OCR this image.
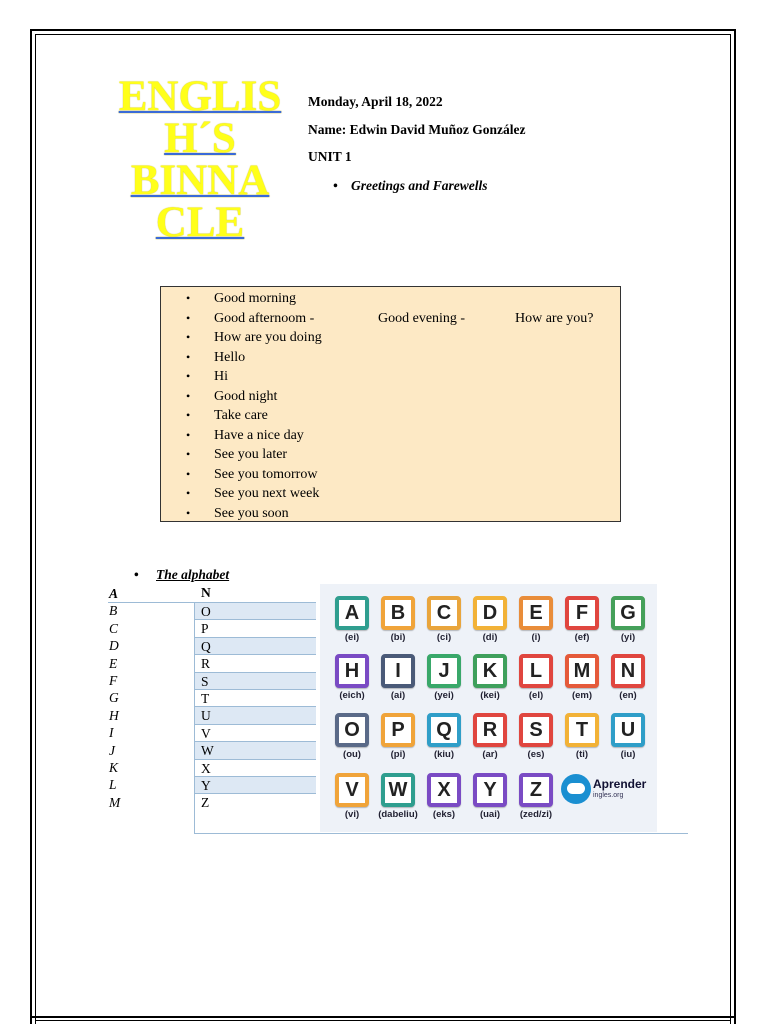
ENGLIS
H´S
BINNA
CLE
Monday, April 18, 2022
Name: Edwin David Muñoz González
UNIT 1
• Greetings and Farewells
Good morning
Good afternoom -	Good evening -	How are you?
How are you doing
Hello
Hi
Good night
Take care
Have a nice day
See you later
See you tomorrow
See you next week
See you soon
• The alphabet
A
B
C
D
E
F
G
H
I
J
K
L
M
N
O
P
Q
R
S
T
U
V
W
X
Y
Z
Aprender
ingles.org
A
(ei)
B
(bi)
C
(ci)
D
(di)
E
(i)
F
(ef)
G
(yi)
H
(eich)
I
(ai)
J
(yei)
K
(kei)
L
(el)
M
(em)
N
(en)
O
(ou)
P
(pi)
Q
(kiu)
R
(ar)
S
(es)
T
(ti)
U
(iu)
V
(vi)
W
(dabeliu)
X
(eks)
Y
(uai)
Z
(zed/zi)
